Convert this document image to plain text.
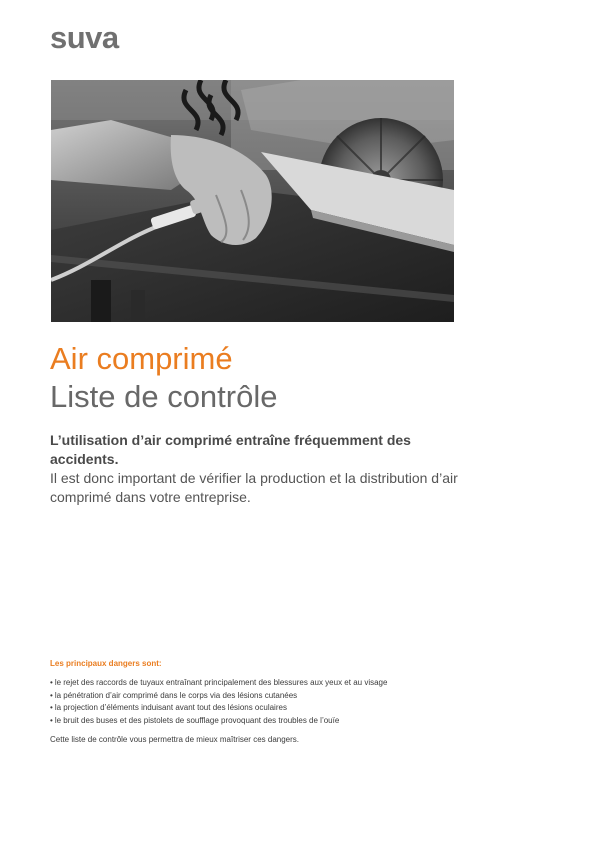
suva
Air comprimé
Liste de contrôle
L’utilisation d’air comprimé entraîne fréquemment des accidents.
Il est donc important de vérifier la production et la distribution d’air comprimé dans votre entreprise.
Les principaux dangers sont:
• le rejet des raccords de tuyaux entraînant principalement des blessures aux yeux et au visage
• la pénétration d’air comprimé dans le corps via des lésions cutanées
• la projection d’éléments induisant avant tout des lésions oculaires
• le bruit des buses et des pistolets de soufflage provoquant des troubles de l’ouïe
Cette liste de contrôle vous permettra de mieux maîtriser ces dangers.
